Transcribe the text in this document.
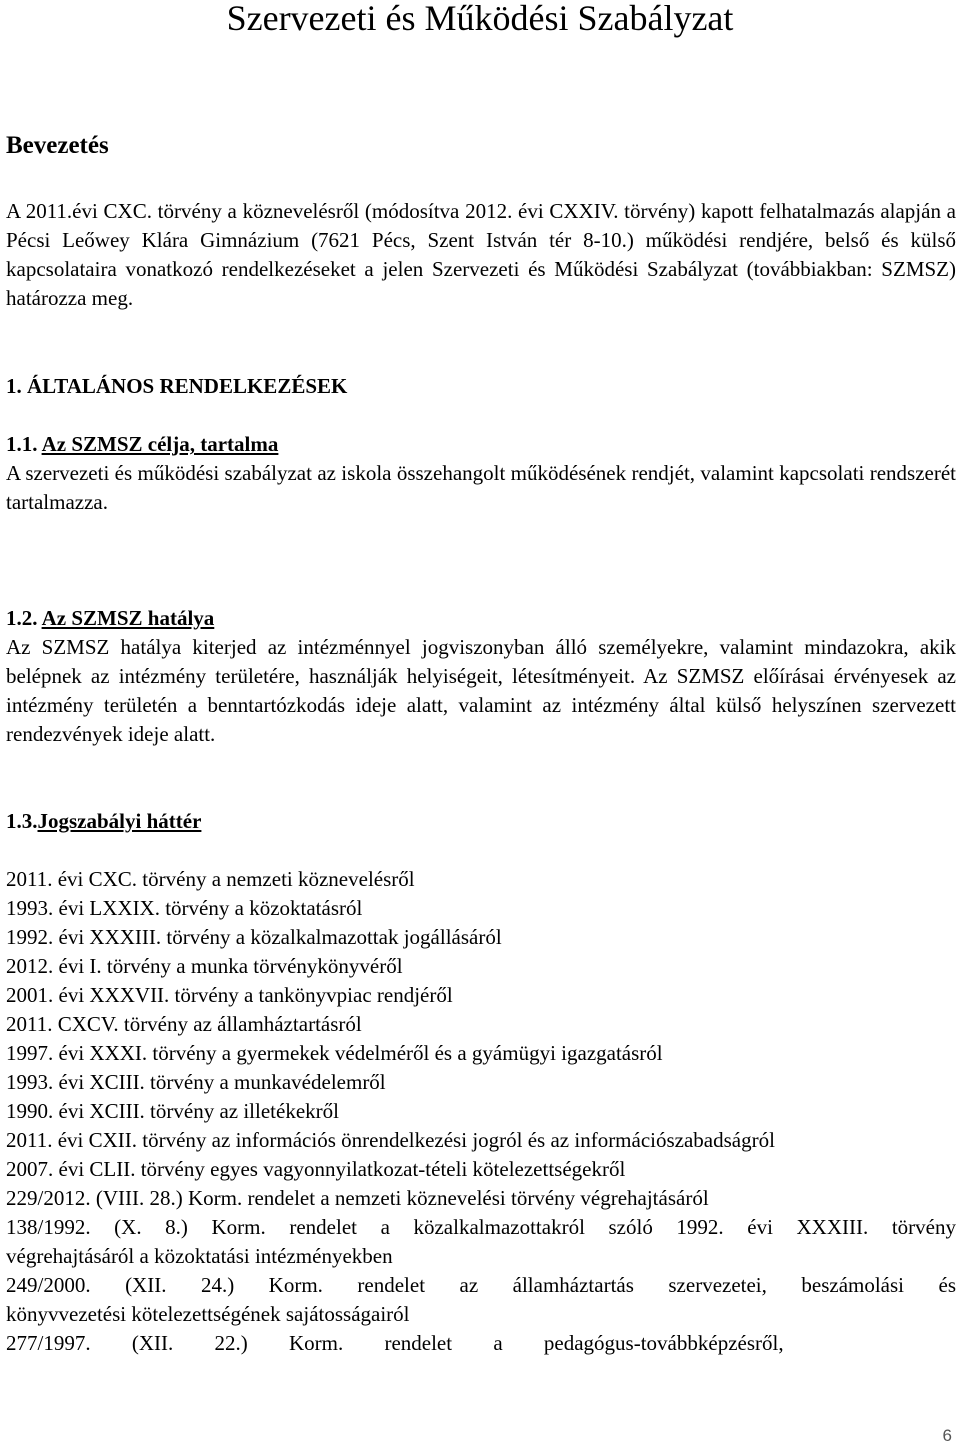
Szervezeti és Működési Szabályzat
Bevezetés

A 2011.évi CXC. törvény a köznevelésről (módosítva 2012. évi CXXIV. törvény) kapott felhatalmazás alapján a Pécsi Leőwey Klára Gimnázium (7621 Pécs, Szent István tér 8-10.) működési rendjére, belső és külső kapcsolataira vonatkozó rendelkezéseket a jelen Szervezeti és Működési Szabályzat (továbbiakban: SZMSZ) határozza meg.

1. ÁLTALÁNOS RENDELKEZÉSEK
1.1. Az SZMSZ célja, tartalma

A szervezeti és működési szabályzat az iskola összehangolt működésének rendjét, valamint kapcsolati rendszerét tartalmazza.

1.2. Az SZMSZ hatálya

Az SZMSZ hatálya kiterjed az intézménnyel jogviszonyban álló személyekre, valamint mindazokra, akik belépnek az intézmény területére, használják helyiségeit, létesítményeit. Az SZMSZ előírásai érvényesek az intézmény területén a benntartózkodás ideje alatt, valamint az intézmény által külső helyszínen szervezett rendezvények ideje alatt.

1.3.Jogszabályi háttér
2011. évi CXC. törvény a nemzeti köznevelésről
1993. évi LXXIX. törvény a közoktatásról
1992. évi XXXIII. törvény a közalkalmazottak jogállásáról
2012. évi I. törvény a munka törvénykönyvéről
2001. évi XXXVII. törvény a tankönyvpiac rendjéről
2011. CXCV. törvény az államháztartásról
1997. évi XXXI. törvény a gyermekek védelméről és a gyámügyi igazgatásról
1993. évi XCIII. törvény a munkavédelemről
1990. évi XCIII. törvény az illetékekről
2011. évi CXII. törvény az információs önrendelkezési jogról és az információszabadságról
2007. évi CLII. törvény egyes vagyonnyilatkozat-tételi kötelezettségekről
229/2012. (VIII. 28.) Korm. rendelet a nemzeti köznevelési törvény végrehajtásáról
138/1992. (X. 8.) Korm. rendelet a közalkalmazottakról szóló 1992. évi XXXIII. törvény
végrehajtásáról a közoktatási intézményekben
249/2000. (XII. 24.) Korm. rendelet az államháztartás szervezetei, beszámolási és
könyvvezetési kötelezettségének sajátosságairól
277/1997. (XII. 22.) Korm. rendelet a pedagógus-továbbképzésről,
6
